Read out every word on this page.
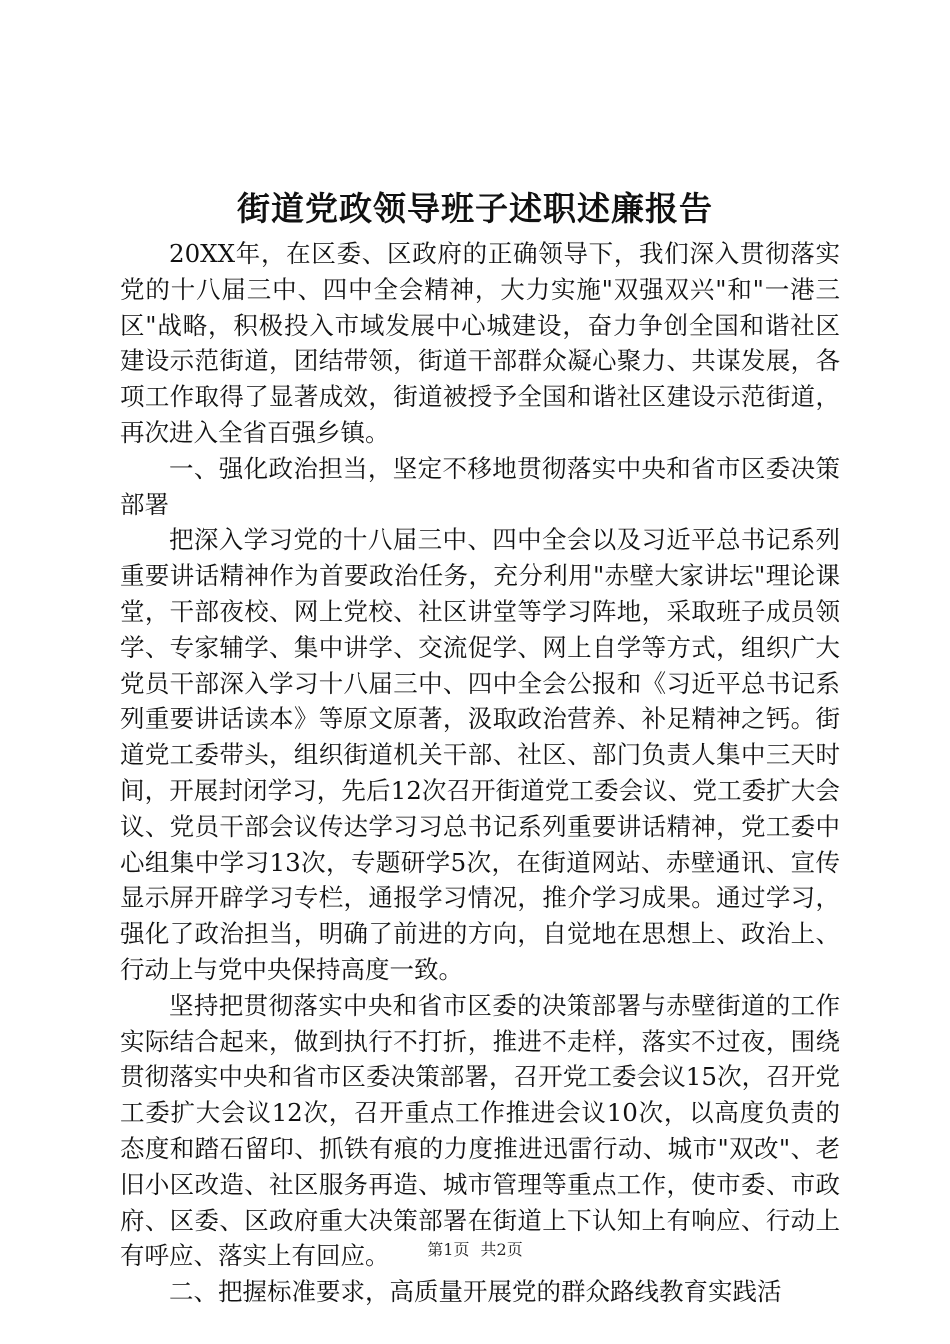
街道党政领导班子述职述廉报告

20XX年，在区委、区政府的正确领导下，我们深入贯彻落实党的十八届三中、四中全会精神，大力实施"双强双兴"和"一港三区"战略，积极投入市域发展中心城建设，奋力争创全国和谐社区建设示范街道，团结带领，街道干部群众凝心聚力、共谋发展，各项工作取得了显著成效，街道被授予全国和谐社区建设示范街道，再次进入全省百强乡镇。

一、强化政治担当，坚定不移地贯彻落实中央和省市区委决策部署

把深入学习党的十八届三中、四中全会以及习近平总书记系列重要讲话精神作为首要政治任务，充分利用"赤壁大家讲坛"理论课堂，干部夜校、网上党校、社区讲堂等学习阵地，采取班子成员领学、专家辅学、集中讲学、交流促学、网上自学等方式，组织广大党员干部深入学习十八届三中、四中全会公报和《习近平总书记系列重要讲话读本》等原文原著，汲取政治营养、补足精神之钙。街道党工委带头，组织街道机关干部、社区、部门负责人集中三天时间，开展封闭学习，先后12次召开街道党工委会议、党工委扩大会议、党员干部会议传达学习习总书记系列重要讲话精神，党工委中心组集中学习13次，专题研学5次，在街道网站、赤壁通讯、宣传显示屏开辟学习专栏，通报学习情况，推介学习成果。通过学习，强化了政治担当，明确了前进的方向，自觉地在思想上、政治上、行动上与党中央保持高度一致。

坚持把贯彻落实中央和省市区委的决策部署与赤壁街道的工作实际结合起来，做到执行不打折，推进不走样，落实不过夜，围绕贯彻落实中央和省市区委决策部署，召开党工委会议15次，召开党工委扩大会议12次，召开重点工作推进会议10次，以高度负责的态度和踏石留印、抓铁有痕的力度推进迅雷行动、城市"双改"、老旧小区改造、社区服务再造、城市管理等重点工作，使市委、市政府、区委、区政府重大决策部署在街道上下认知上有响应、行动上有呼应、落实上有回应。

二、把握标准要求，高质量开展党的群众路线教育实践活

第1页 共2页
